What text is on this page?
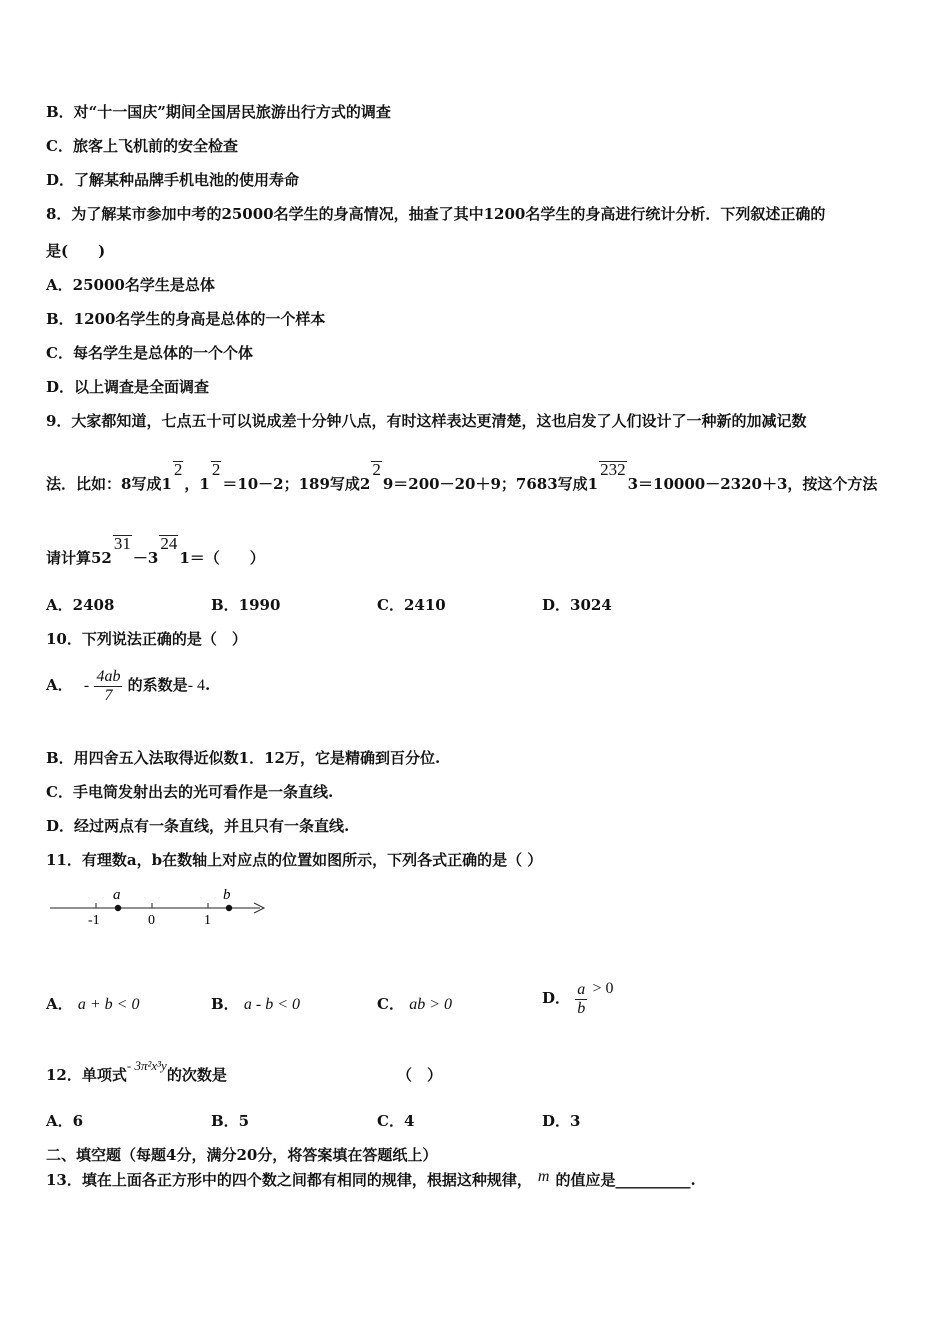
B．对“十一国庆”期间全国居民旅游出行方式的调查
C．旅客上飞机前的安全检查
D．了解某种品牌手机电池的使用寿命
8．为了解某市参加中考的25000名学生的身高情况，抽查了其中1200名学生的身高进行统计分析．下列叙述正确的
是(　　)
A．25000名学生是总体
B．1200名学生的身高是总体的一个样本
C．每名学生是总体的一个个体
D．以上调查是全面调查
9．大家都知道，七点五十可以说成差十分钟八点，有时这样表达更清楚，这也启发了人们设计了一种新的加减记数
法．比如：8写成12，12＝10－2；189写成229＝200－20＋9；7683写成12323＝10000－2320＋3，按这个方法
请计算5231－3241＝（　　）
A．2408	B．1990	C．2410	D．3024
10．下列说法正确的是（　）
A． - $\frac{4ab}{7}$ 的系数是- 4.
B．用四舍五入法取得近似数1．12万，它是精确到百分位.
C．手电筒发射出去的光可看作是一条直线.
D．经过两点有一条直线，并且只有一条直线.
11．有理数a，b在数轴上对应点的位置如图所示，下列各式正确的是（ ）
a	b
-1	0	1
A． a + b < 0	B． a - b < 0	C． ab > 0	D． $\frac{a}{b} > 0$
12．单项式- 3π²x³y的次数是	（　）
A．6	B．5	C．4	D．3
二、填空题（每题4分，满分20分，将答案填在答题纸上）
13．填在上面各正方形中的四个数之间都有相同的规律，根据这种规律， m 的值应是__________.
